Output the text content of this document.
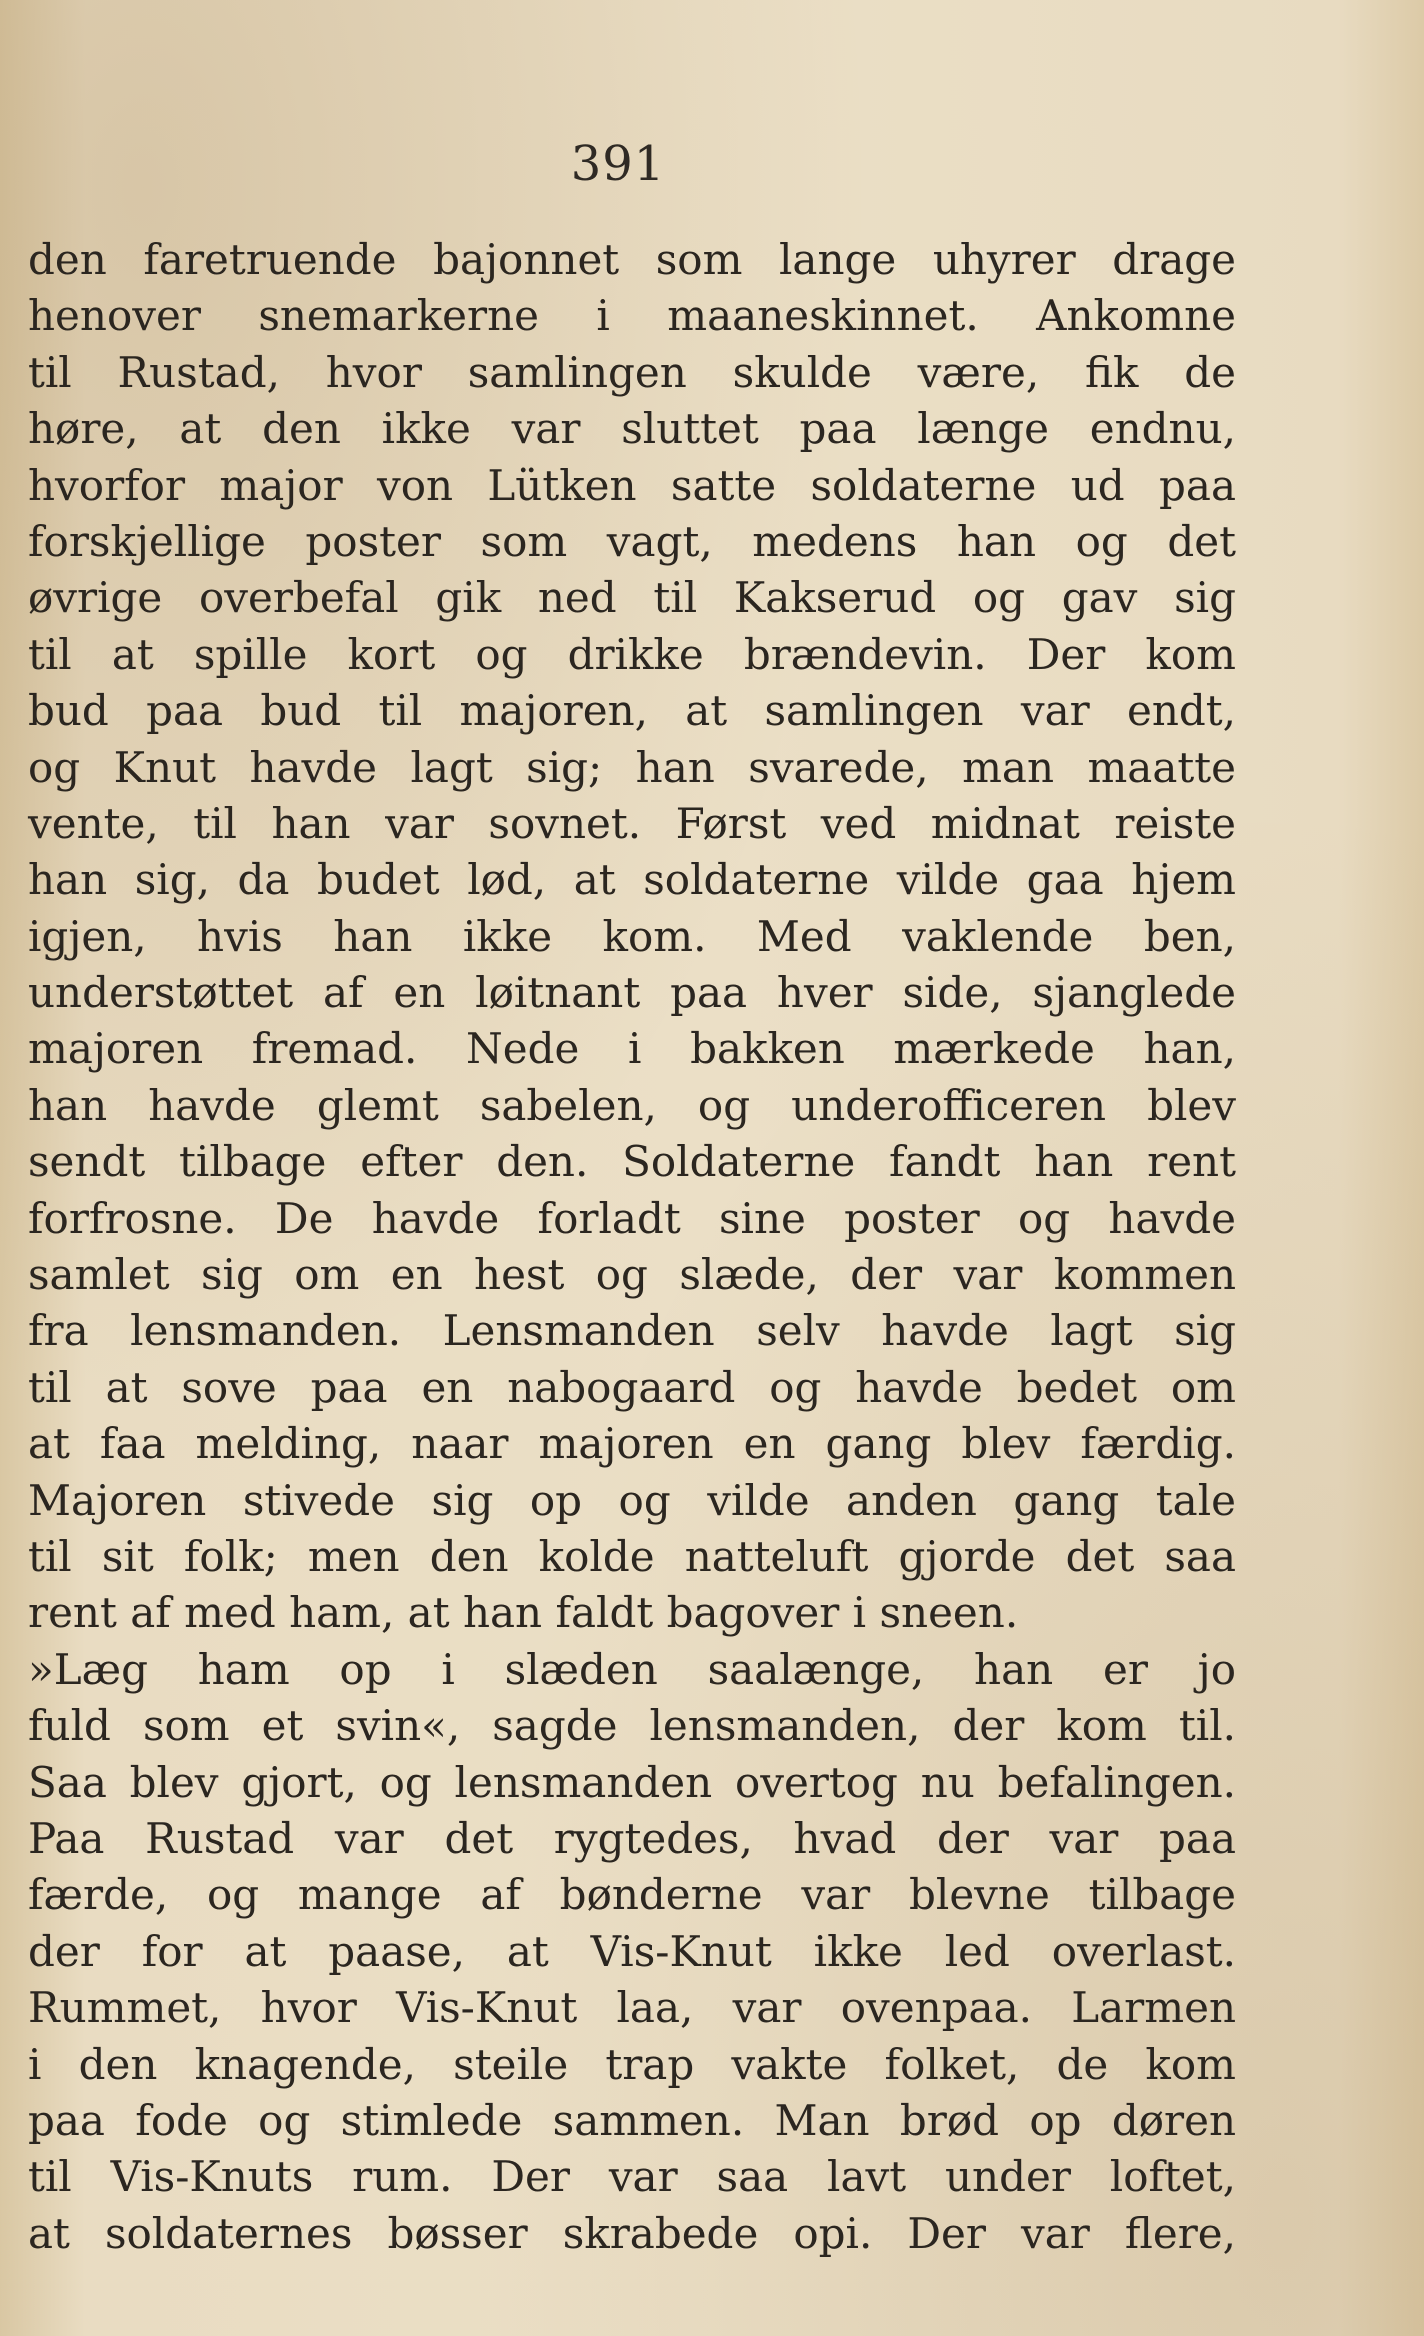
391
den faretruende bajonnet som lange uhyrer drage
henover snemarkerne i maaneskinnet. Ankomne
til Rustad, hvor samlingen skulde være, fik de
høre, at den ikke var sluttet paa længe endnu,
hvorfor major von Lütken satte soldaterne ud paa
forskjellige poster som vagt, medens han og det
øvrige overbefal gik ned til Kakserud og gav sig
til at spille kort og drikke brændevin. Der kom
bud paa bud til majoren, at samlingen var endt,
og Knut havde lagt sig; han svarede, man maatte
vente, til han var sovnet. Først ved midnat reiste
han sig, da budet lød, at soldaterne vilde gaa hjem
igjen, hvis han ikke kom. Med vaklende ben,
understøttet af en løitnant paa hver side, sjanglede
majoren fremad. Nede i bakken mærkede han,
han havde glemt sabelen, og underofficeren blev
sendt tilbage efter den. Soldaterne fandt han rent
forfrosne. De havde forladt sine poster og havde
samlet sig om en hest og slæde, der var kommen
fra lensmanden. Lensmanden selv havde lagt sig
til at sove paa en nabogaard og havde bedet om
at faa melding, naar majoren en gang blev færdig.
Majoren stivede sig op og vilde anden gang tale
til sit folk; men den kolde natteluft gjorde det saa
rent af med ham, at han faldt bagover i sneen.
»Læg ham op i slæden saalænge, han er jo
fuld som et svin«, sagde lensmanden, der kom til.
Saa blev gjort, og lensmanden overtog nu befalingen.
Paa Rustad var det rygtedes, hvad der var paa
færde, og mange af bønderne var blevne tilbage
der for at paase, at Vis-Knut ikke led overlast.
Rummet, hvor Vis-Knut laa, var ovenpaa. Larmen
i den knagende, steile trap vakte folket, de kom
paa fode og stimlede sammen. Man brød op døren
til Vis-Knuts rum. Der var saa lavt under loftet,
at soldaternes bøsser skrabede opi. Der var flere,
